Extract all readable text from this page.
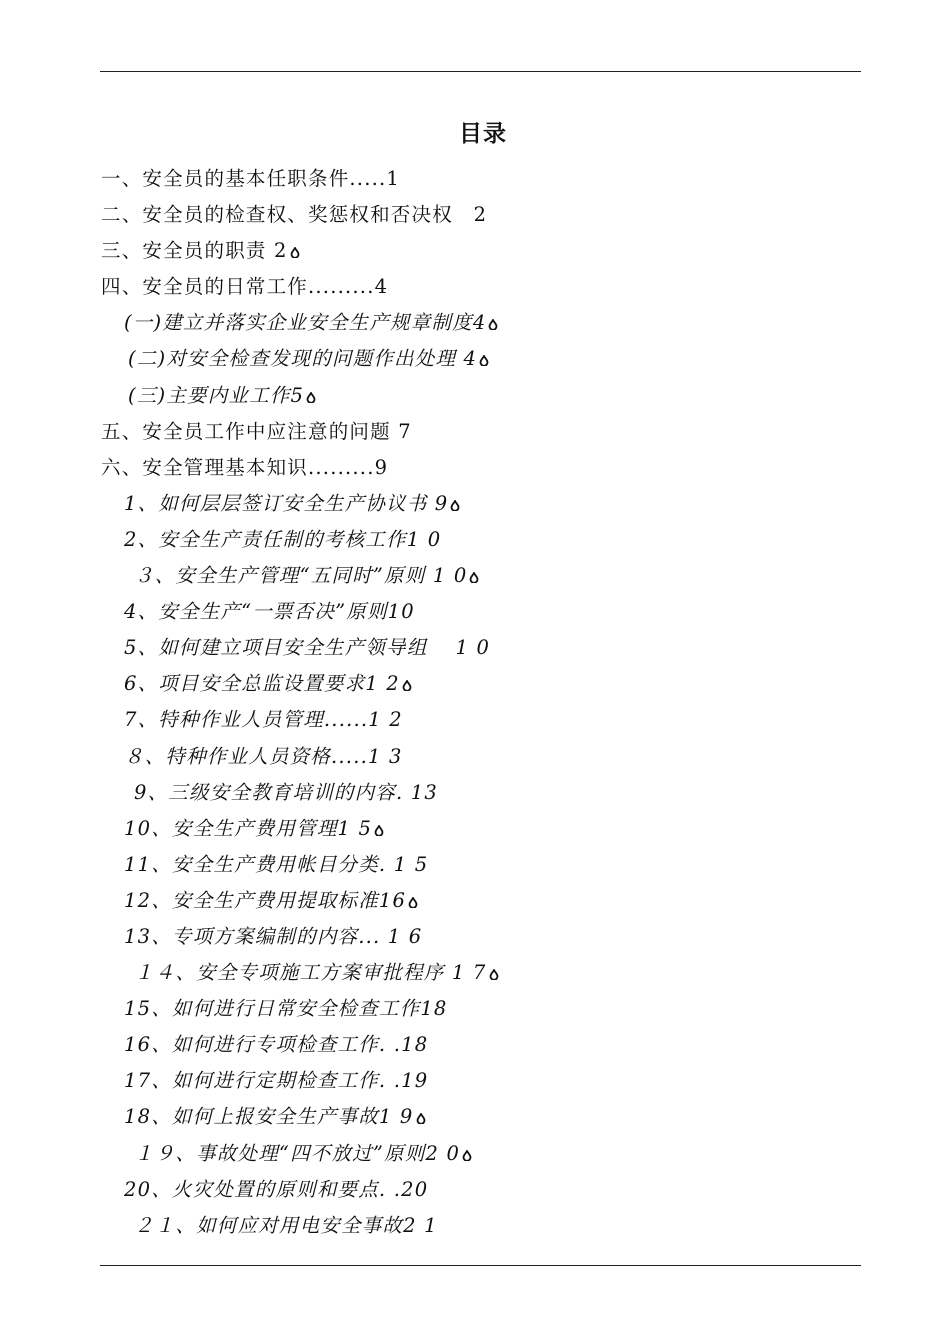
目录
一、安全员的基本任职条件.....1
二、安全员的检查权、奖惩权和否决权　2
三、安全员的职责 2
四、安全员的日常工作.........4
(一)建立并落实企业安全生产规章制度4
(二)对安全检查发现的问题作出处理 4
(三)主要内业工作5
五、安全员工作中应注意的问题 7
六、安全管理基本知识.........9
1、如何层层签订安全生产协议书 9
2、安全生产责任制的考核工作1 0
３、安全生产管理“五同时”原则 1 0
4、安全生产“一票否决”原则10
5、如何建立项目安全生产领导组　 1 0
6、项目安全总监设置要求1 2
7、特种作业人员管理......1 2
８、特种作业人员资格.....1 3
9、三级安全教育培训的内容. 13
10、安全生产费用管理1 5
11、安全生产费用帐目分类. 1 5
12、安全生产费用提取标准16
13、专项方案编制的内容... 1 6
１４、安全专项施工方案审批程序 1 7
15、如何进行日常安全检查工作18
16、如何进行专项检查工作. .18
17、如何进行定期检查工作. .19
18、如何上报安全生产事故1 9
１９、事故处理“四不放过”原则2 0
20、火灾处置的原则和要点. .20
２１、如何应对用电安全事故2 1
